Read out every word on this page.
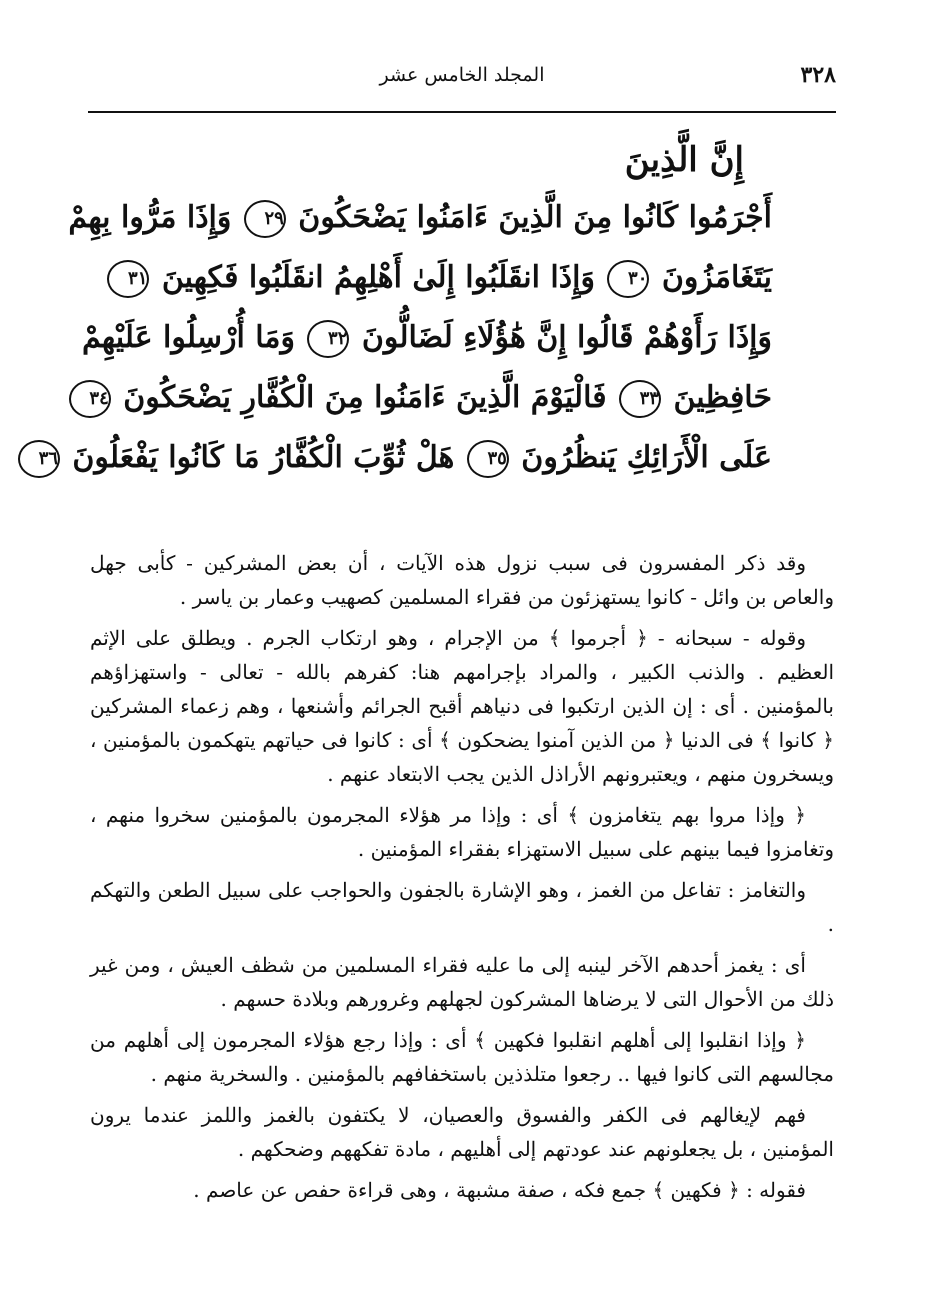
٣٢٨
المجلد الخامس عشر
إِنَّ الَّذِينَ
أَجْرَمُوا كَانُوا مِنَ الَّذِينَ ءَامَنُوا يَضْحَكُونَ ٢٩ وَإِذَا مَرُّوا بِهِمْ
يَتَغَامَزُونَ ٣٠ وَإِذَا انقَلَبُوا إِلَىٰ أَهْلِهِمُ انقَلَبُوا فَكِهِينَ ٣١
وَإِذَا رَأَوْهُمْ قَالُوا إِنَّ هَٰؤُلَاءِ لَضَالُّونَ ٣٢ وَمَا أُرْسِلُوا عَلَيْهِمْ
حَافِظِينَ ٣٣ فَالْيَوْمَ الَّذِينَ ءَامَنُوا مِنَ الْكُفَّارِ يَضْحَكُونَ ٣٤
عَلَى الْأَرَائِكِ يَنظُرُونَ ٣٥ هَلْ ثُوِّبَ الْكُفَّارُ مَا كَانُوا يَفْعَلُونَ ٣٦

وقد ذكر المفسرون فى سبب نزول هذه الآيات ، أن بعض المشركين - كأبى جهل والعاص بن وائل - كانوا يستهزئون من فقراء المسلمين كصهيب وعمار بن ياسر .

وقوله - سبحانه - ﴿ أجرموا ﴾ من الإجرام ، وهو ارتكاب الجرم . ويطلق على الإثم العظيم . والذنب الكبير ، والمراد بإجرامهم هنا: كفرهم بالله - تعالى - واستهزاؤهم بالمؤمنين . أى : إن الذين ارتكبوا فى دنياهم أقبح الجرائم وأشنعها ، وهم زعماء المشركين ﴿ كانوا ﴾ فى الدنيا ﴿ من الذين آمنوا يضحكون ﴾ أى : كانوا فى حياتهم يتهكمون بالمؤمنين ، ويسخرون منهم ، ويعتبرونهم الأراذل الذين يجب الابتعاد عنهم .

﴿ وإذا مروا بهم يتغامزون ﴾ أى : وإذا مر هؤلاء المجرمون بالمؤمنين سخروا منهم ، وتغامزوا فيما بينهم على سبيل الاستهزاء بفقراء المؤمنين .

والتغامز : تفاعل من الغمز ، وهو الإشارة بالجفون والحواجب على سبيل الطعن والتهكم .

أى : يغمز أحدهم الآخر لينبه إلى ما عليه فقراء المسلمين من شظف العيش ، ومن غير ذلك من الأحوال التى لا يرضاها المشركون لجهلهم وغرورهم وبلادة حسهم .

﴿ وإذا انقلبوا إلى أهلهم انقلبوا فكهين ﴾ أى : وإذا رجع هؤلاء المجرمون إلى أهلهم من مجالسهم التى كانوا فيها .. رجعوا متلذذين باستخفافهم بالمؤمنين . والسخرية منهم .

فهم لإيغالهم فى الكفر والفسوق والعصيان، لا يكتفون بالغمز واللمز عندما يرون المؤمنين ، بل يجعلونهم عند عودتهم إلى أهليهم ، مادة تفكههم وضحكهم .

فقوله : ﴿ فكهين ﴾ جمع فكه ، صفة مشبهة ، وهى قراءة حفص عن عاصم .
